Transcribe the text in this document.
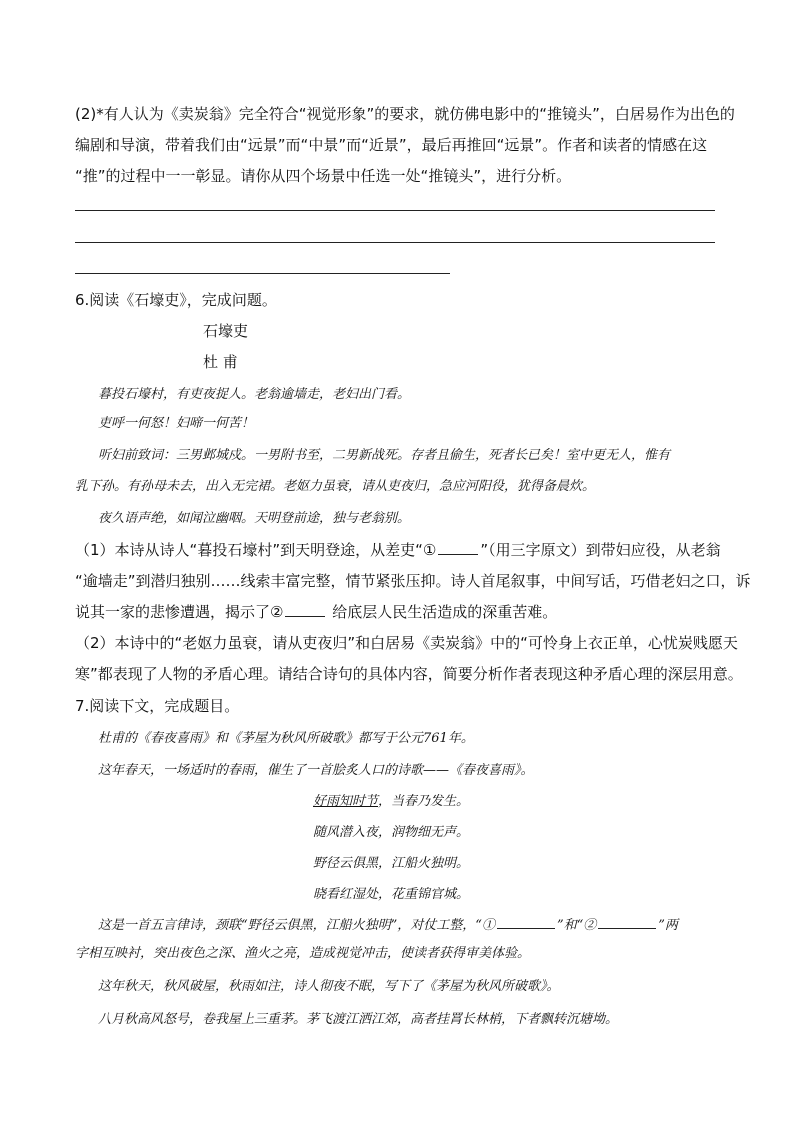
(2)*有人认为《卖炭翁》完全符合“视觉形象”的要求，就仿佛电影中的“推镜头”，白居易作为出色的
编剧和导演，带着我们由“远景”而“中景”而“近景”，最后再推回“远景”。作者和读者的情感在这
“推”的过程中一一彰显。请你从四个场景中任选一处“推镜头”，进行分析。
6.阅读《石壕吏》，完成问题。
石壕吏
杜 甫
暮投石壕村，有吏夜捉人。老翁逾墙走，老妇出门看。
吏呼一何怒！妇啼一何苦！
听妇前致词：三男邺城戍。一男附书至，二男新战死。存者且偷生，死者长已矣！室中更无人，惟有
乳下孙。有孙母未去，出入无完裙。老妪力虽衰，请从吏夜归，急应河阳役，犹得备晨炊。
夜久语声绝，如闻泣幽咽。天明登前途，独与老翁别。
（1）本诗从诗人“暮投石壕村”到天明登途，从差吏“①	”（用三字原文）到带妇应役，从老翁
“逾墙走”到潜归独别……线索丰富完整，情节紧张压抑。诗人首尾叙事，中间写话，巧借老妇之口，诉
说其一家的悲惨遭遇，揭示了②	给底层人民生活造成的深重苦难。
（2）本诗中的“老妪力虽衰，请从吏夜归”和白居易《卖炭翁》中的“可怜身上衣正单，心忧炭贱愿天
寒”都表现了人物的矛盾心理。请结合诗句的具体内容，简要分析作者表现这种矛盾心理的深层用意。
7.阅读下文，完成题目。
杜甫的《春夜喜雨》和《茅屋为秋风所破歌》都写于公元761年。
这年春天，一场适时的春雨，催生了一首脍炙人口的诗歌——《春夜喜雨》。
好雨知时节，当春乃发生。
随风潜入夜，润物细无声。
野径云俱黑，江船火独明。
晓看红湿处，花重锦官城。
这是一首五言律诗，颈联“野径云俱黑，江船火独明”，对仗工整，“①	”和“②	”两
字相互映衬，突出夜色之深、渔火之亮，造成视觉冲击，使读者获得审美体验。
这年秋天，秋风破屋，秋雨如注，诗人彻夜不眠，写下了《茅屋为秋风所破歌》。
八月秋高风怒号，卷我屋上三重茅。茅飞渡江洒江郊，高者挂罥长林梢，下者飘转沉塘坳。
